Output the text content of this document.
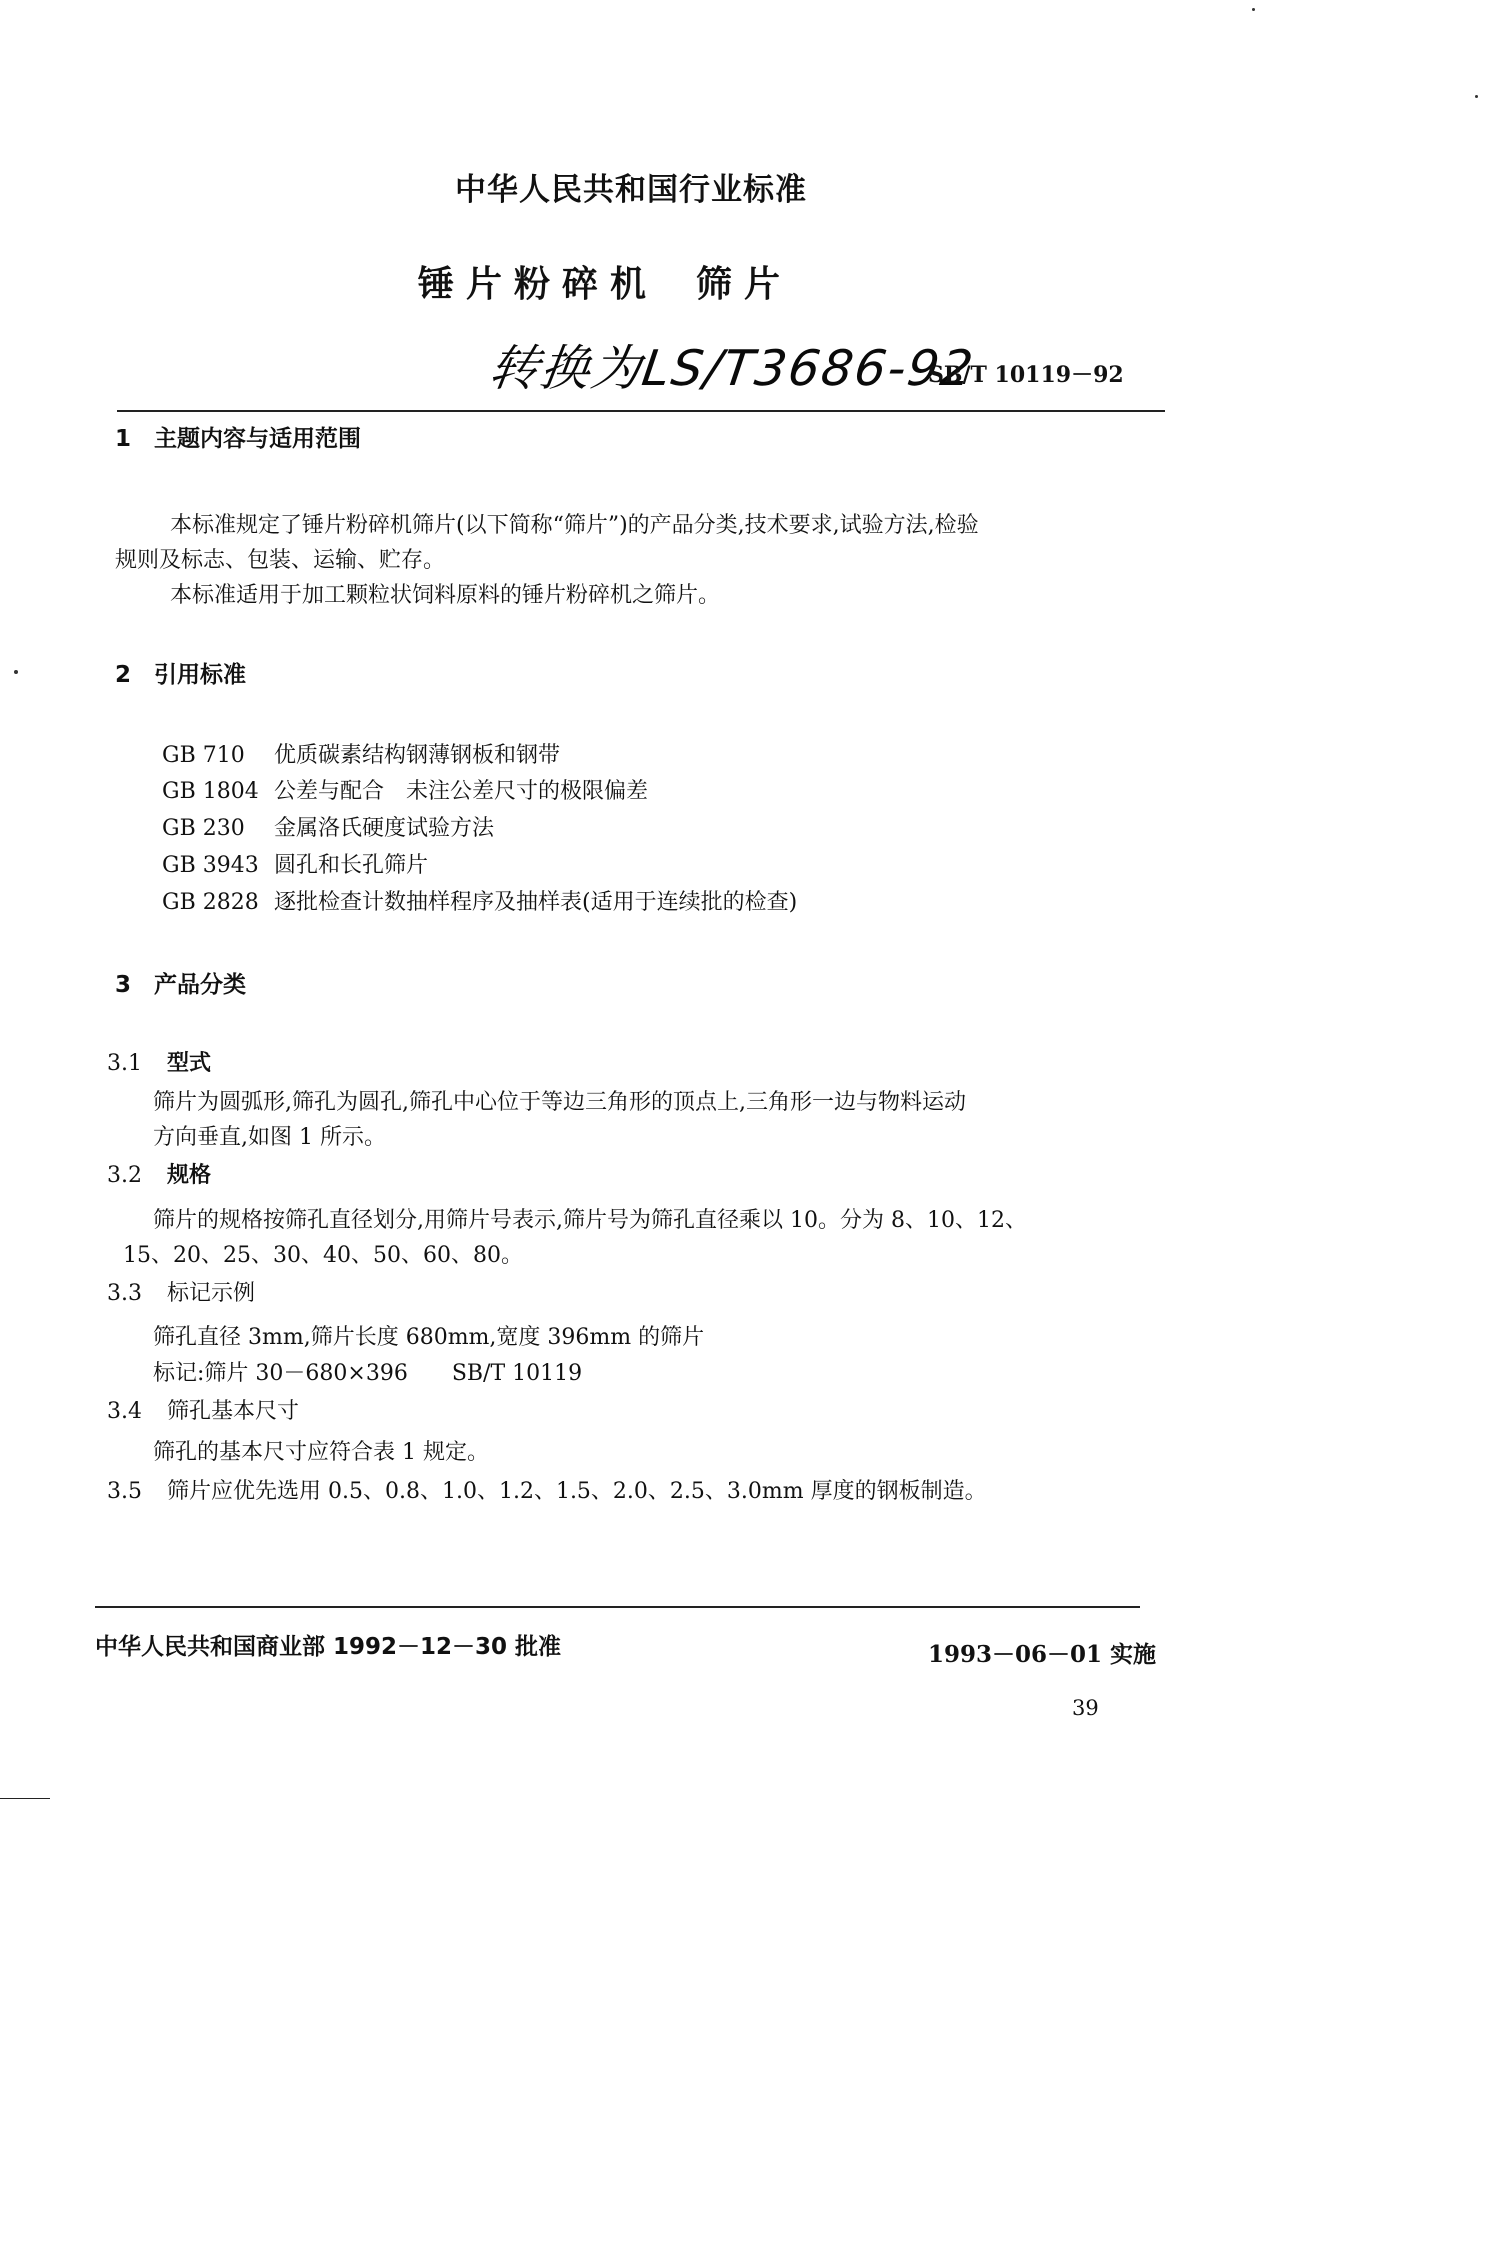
中华人民共和国行业标准
锤片粉碎机 筛片
转换为LS/T3686-92
SB/T 10119－92
1　主题内容与适用范围
本标准规定了锤片粉碎机筛片(以下简称“筛片”)的产品分类,技术要求,试验方法,检验
规则及标志、包装、运输、贮存。
本标准适用于加工颗粒状饲料原料的锤片粉碎机之筛片。
2　引用标准
GB 710 优质碳素结构钢薄钢板和钢带
GB 1804 公差与配合　未注公差尺寸的极限偏差
GB 230 金属洛氏硬度试验方法
GB 3943 圆孔和长孔筛片
GB 2828 逐批检查计数抽样程序及抽样表(适用于连续批的检查)
3　产品分类
3.1 型式
筛片为圆弧形,筛孔为圆孔,筛孔中心位于等边三角形的顶点上,三角形一边与物料运动
方向垂直,如图 1 所示。
3.2 规格
筛片的规格按筛孔直径划分,用筛片号表示,筛片号为筛孔直径乘以 10。分为 8、10、12、
15、20、25、30、40、50、60、80。
3.3 标记示例
筛孔直径 3mm,筛片长度 680mm,宽度 396mm 的筛片
标记:筛片 30－680×396　　SB/T 10119
3.4 筛孔基本尺寸
筛孔的基本尺寸应符合表 1 规定。
3.5 筛片应优先选用 0.5、0.8、1.0、1.2、1.5、2.0、2.5、3.0mm 厚度的钢板制造。
中华人民共和国商业部 1992－12－30 批准	1993－06－01 实施
39
